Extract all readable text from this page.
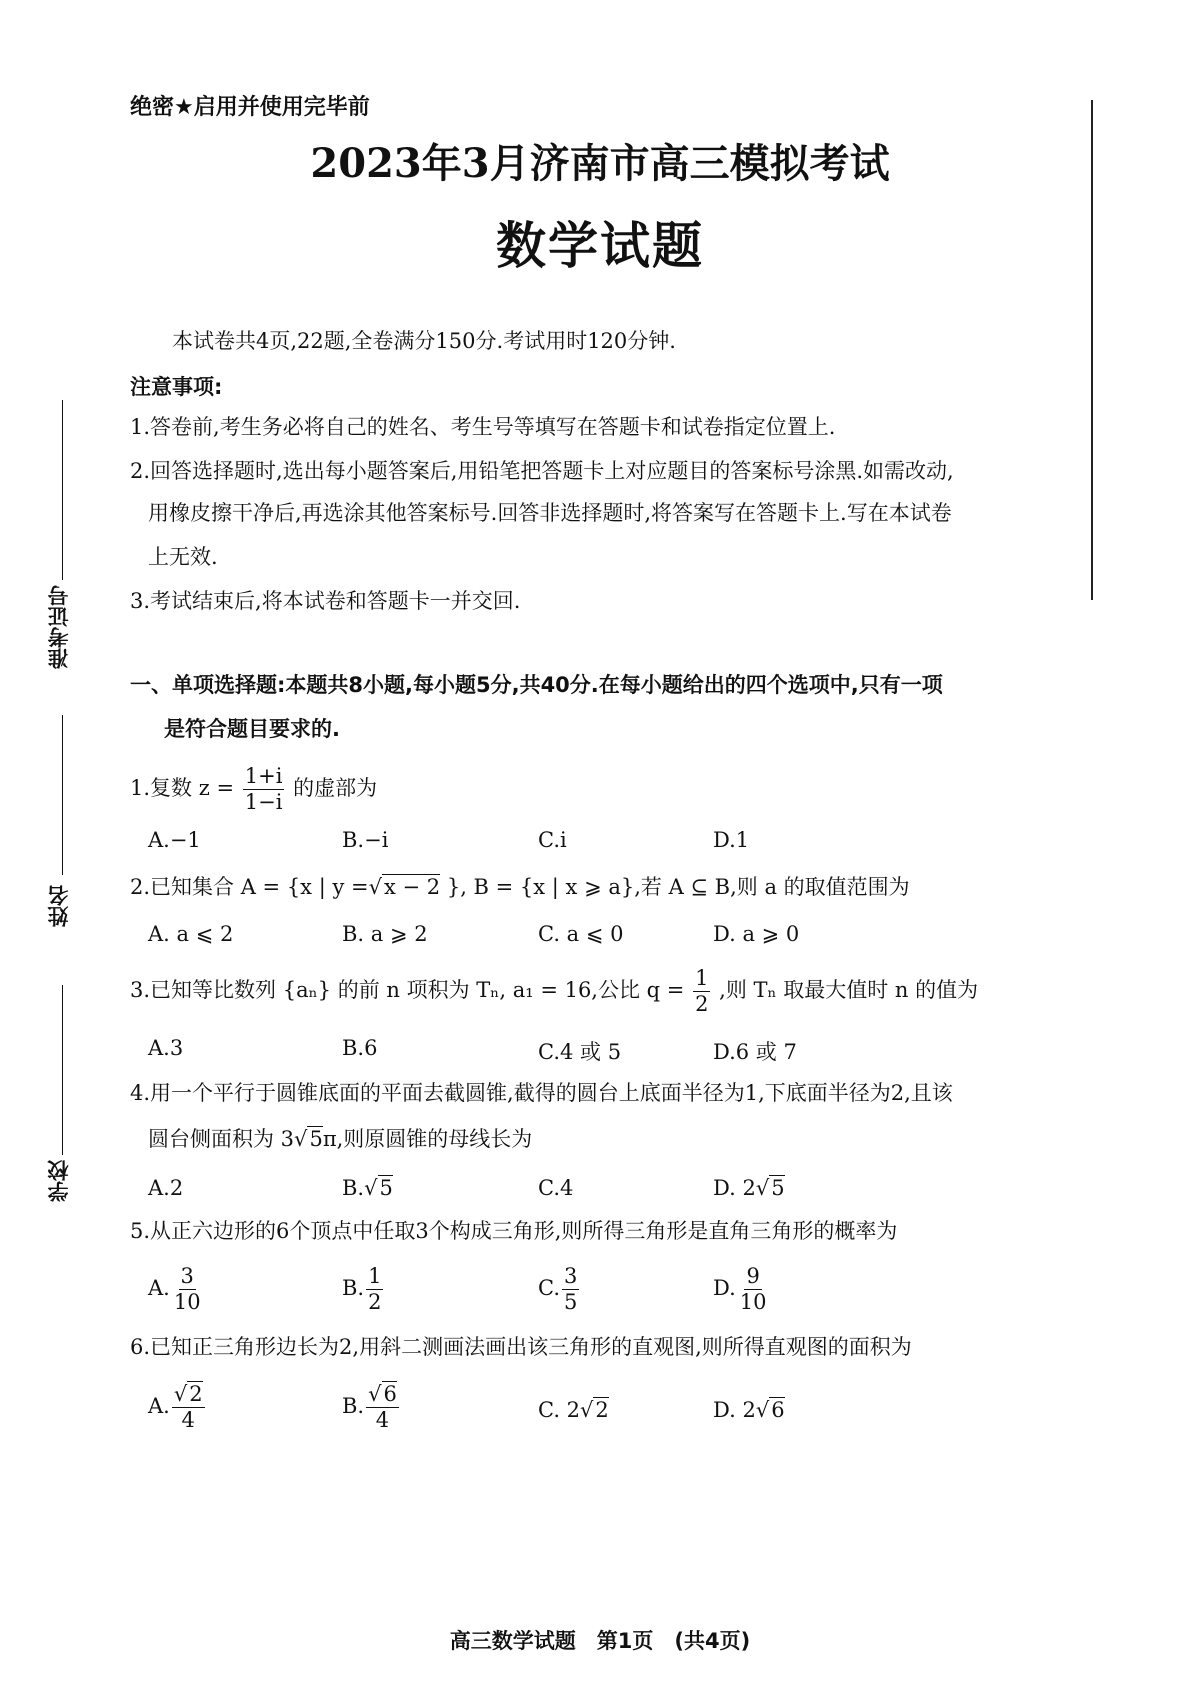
绝密★启用并使用完毕前
2023年3月济南市高三模拟考试
数学试题
准考证号
姓名
学校
本试卷共4页,22题,全卷满分150分.考试用时120分钟.
注意事项:
1.答卷前,考生务必将自己的姓名、考生号等填写在答题卡和试卷指定位置上.
2.回答选择题时,选出每小题答案后,用铅笔把答题卡上对应题目的答案标号涂黑.如需改动,
用橡皮擦干净后,再选涂其他答案标号.回答非选择题时,将答案写在答题卡上.写在本试卷
上无效.
3.考试结束后,将本试卷和答题卡一并交回.
一、单项选择题:本题共8小题,每小题5分,共40分.在每小题给出的四个选项中,只有一项
是符合题目要求的.
1.复数 $z = \frac{1+i}{1-i}$ 的虚部为
A.−1	B.−i	C.i	D.1
2.已知集合 A = {x | y =√x − 2 }, B = {x | x ⩾ a},若 A ⊆ B,则 a 的取值范围为
A. a ⩽ 2	B. a ⩾ 2	C. a ⩽ 0	D. a ⩾ 0
3.已知等比数列 {aₙ} 的前 n 项积为 Tₙ, a₁ = 16,公比 $q = \frac{1}{2}$ ,则 Tₙ 取最大值时 n 的值为
A.3	B.6	C.4 或 5	D.6 或 7
4.用一个平行于圆锥底面的平面去截圆锥,截得的圆台上底面半径为1,下底面半径为2,且该
圆台侧面积为 3√5π,则原圆锥的母线长为
A.2	B.√5	C.4	D. 2√5
5.从正六边形的6个顶点中任取3个构成三角形,则所得三角形是直角三角形的概率为
A. $\frac{3}{10}$	B. $\frac{1}{2}$	C. $\frac{3}{5}$	D. $\frac{9}{10}$
6.已知正三角形边长为2,用斜二测画法画出该三角形的直观图,则所得直观图的面积为
A. $\frac{√2}{4}$	B. $\frac{√6}{4}$	C. 2√2	D. 2√6
高三数学试题　第1页　(共4页)
